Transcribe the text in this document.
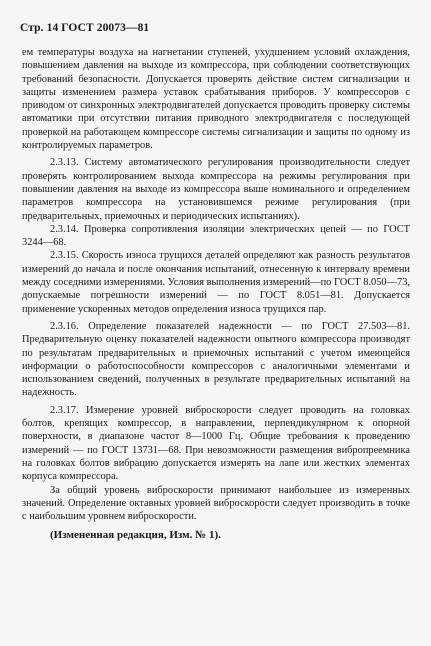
Стр. 14 ГОСТ 20073—81

ем температуры воздуха на нагнетании ступеней, ухудшением условий охлаждения, повышением давления на выходе из компрессора, при соблюдении соответствующих требований безопасности. Допускается проверять действие систем сигнализации и защиты изменением размера уставок срабатывания приборов. У компрессоров с приводом от синхронных электродвигателей допускается проводить проверку системы автоматики при отсутствии питания приводного электродвигателя с последующей проверкой на работающем компрессоре системы сигнализации и защиты по одному из контролируемых параметров.

2.3.13. Систему автоматического регулирования производительности следует проверять контролированием выхода компрессора на режимы регулирования при повышении давления на выходе из компрессора выше номинального и определением параметров компрессора на установившемся режиме регулирования (при предварительных, приемочных и периодических испытаниях).

2.3.14. Проверка сопротивления изоляции электрических цепей — по ГОСТ 3244—68.

2.3.15. Скорость износа трущихся деталей определяют как разность результатов измерений до начала и после окончания испытаний, отнесенную к интервалу времени между соседними измерениями. Условия выполнения измерений—по ГОСТ 8.050—73, допускаемые погрешности измерений — по ГОСТ 8.051—81. Допускается применение ускоренных методов определения износа трущихся пар.

2.3.16. Определение показателей надежности — по ГОСТ 27.503—81. Предварительную оценку показателей надежности опытного компрессора производят по результатам предварительных и приемочных испытаний с учетом имеющейся информации о работоспособности компрессоров с аналогичными элементами и использованием сведений, полученных в результате предварительных испытаний на надежность.

2.3.17. Измерение уровней виброскорости следует проводить на головках болтов, крепящих компрессор, в направлении, перпендикулярном к опорной поверхности, в диапазоне частот 8—1000 Гц. Общие требования к проведению измерений — по ГОСТ 13731—68. При невозможности размещения вибропреемника на головках болтов вибрацию допускается измерять на лапе или жестких элементах корпуса компрессора.

За общий уровень виброскорости принимают наибольшее из измеренных значений. Определение октавных уровней виброскорости следует производить в точке с наибольшим уровнем виброскорости.

(Измененная редакция, Изм. № 1).
